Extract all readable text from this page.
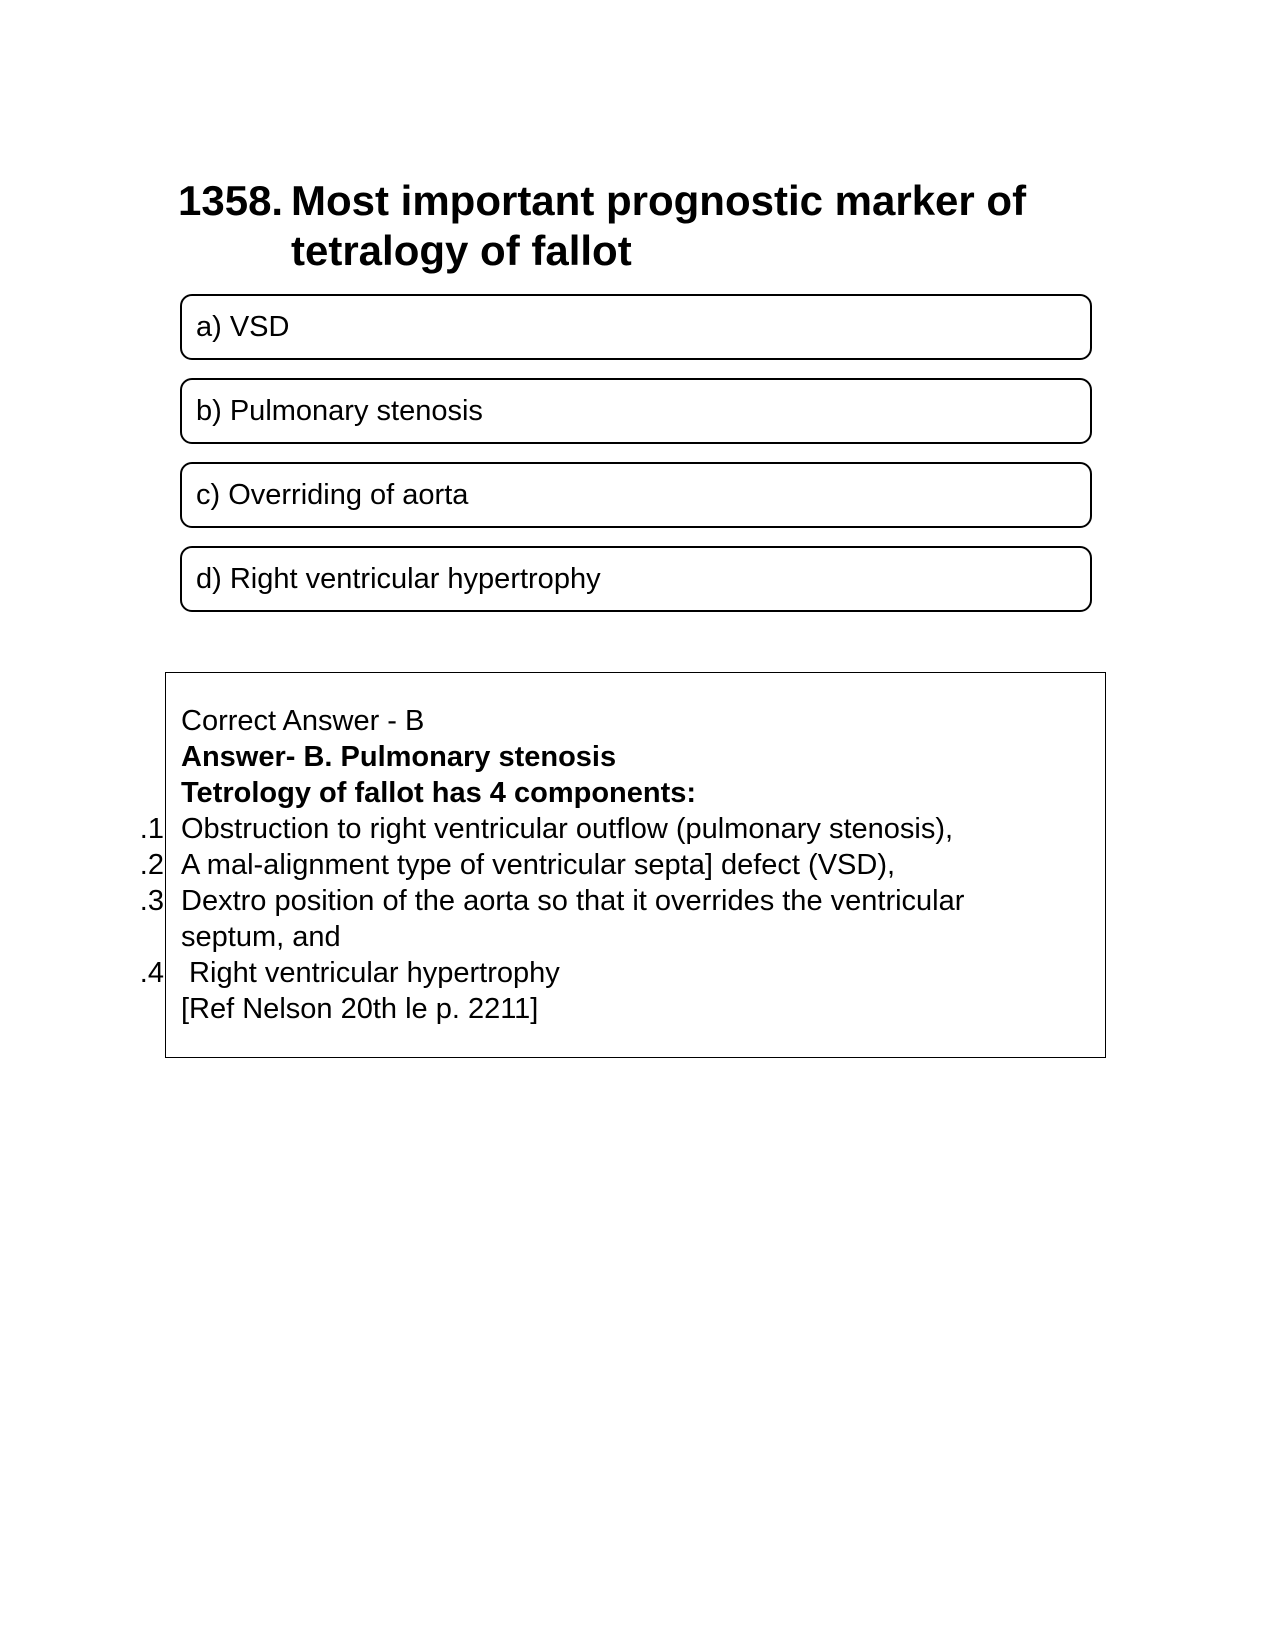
1358. Most important prognostic marker of tetralogy of fallot
a) VSD
b) Pulmonary stenosis
c) Overriding of aorta
d) Right ventricular hypertrophy
Correct Answer - B
Answer- B. Pulmonary stenosis
Tetrology of fallot has 4 components:
1. Obstruction to right ventricular outflow (pulmonary stenosis),
2. A mal-alignment type of ventricular septa] defect (VSD),
3. Dextro position of the aorta so that it overrides the ventricular
septum, and
4. Right ventricular hypertrophy
[Ref Nelson 20th le p. 2211]
